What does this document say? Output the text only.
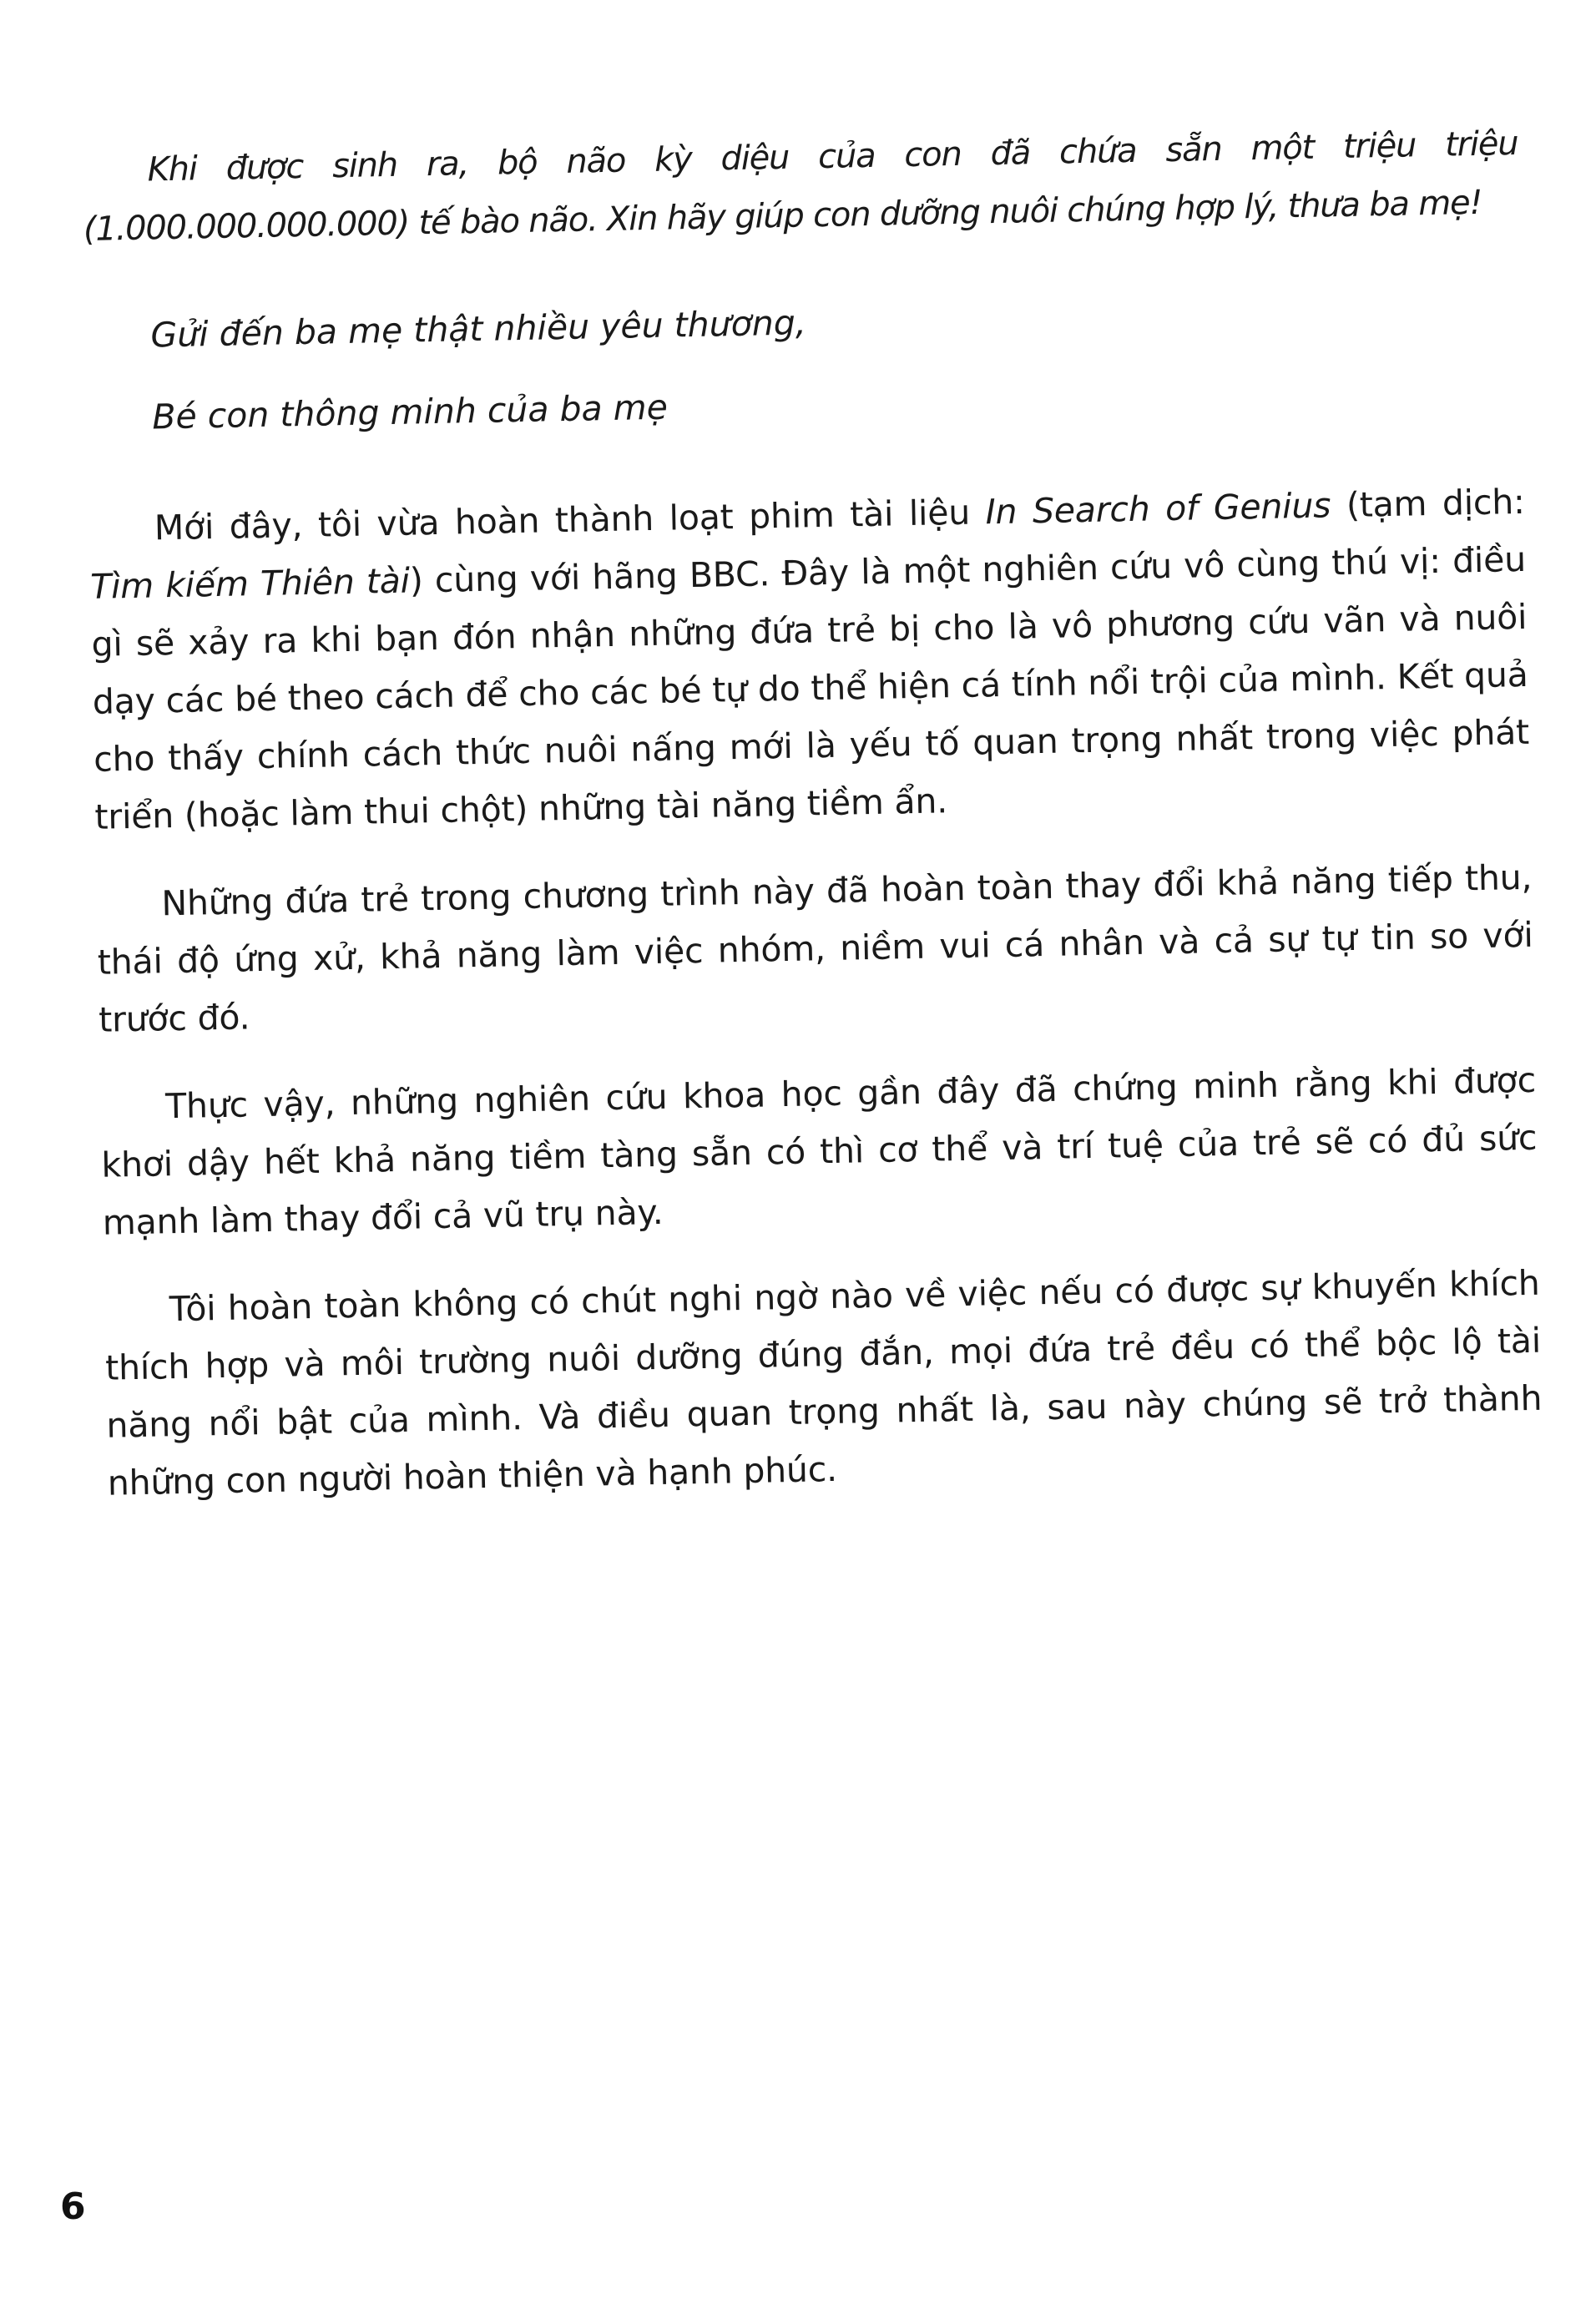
Khi được sinh ra, bộ não kỳ diệu của con đã chứa sẵn một triệu triệu (1.000.000.000.000) tế bào não. Xin hãy giúp con dưỡng nuôi chúng hợp lý, thưa ba mẹ!

Gửi đến ba mẹ thật nhiều yêu thương,

Bé con thông minh của ba mẹ

Mới đây, tôi vừa hoàn thành loạt phim tài liệu In Search of Genius (tạm dịch: Tìm kiếm Thiên tài) cùng với hãng BBC. Đây là một nghiên cứu vô cùng thú vị: điều gì sẽ xảy ra khi bạn đón nhận những đứa trẻ bị cho là vô phương cứu vãn và nuôi dạy các bé theo cách để cho các bé tự do thể hiện cá tính nổi trội của mình. Kết quả cho thấy chính cách thức nuôi nấng mới là yếu tố quan trọng nhất trong việc phát triển (hoặc làm thui chột) những tài năng tiềm ẩn.

Những đứa trẻ trong chương trình này đã hoàn toàn thay đổi khả năng tiếp thu, thái độ ứng xử, khả năng làm việc nhóm, niềm vui cá nhân và cả sự tự tin so với trước đó.

Thực vậy, những nghiên cứu khoa học gần đây đã chứng minh rằng khi được khơi dậy hết khả năng tiềm tàng sẵn có thì cơ thể và trí tuệ của trẻ sẽ có đủ sức mạnh làm thay đổi cả vũ trụ này.

Tôi hoàn toàn không có chút nghi ngờ nào về việc nếu có được sự khuyến khích thích hợp và môi trường nuôi dưỡng đúng đắn, mọi đứa trẻ đều có thể bộc lộ tài năng nổi bật của mình. Và điều quan trọng nhất là, sau này chúng sẽ trở thành những con người hoàn thiện và hạnh phúc.

6
